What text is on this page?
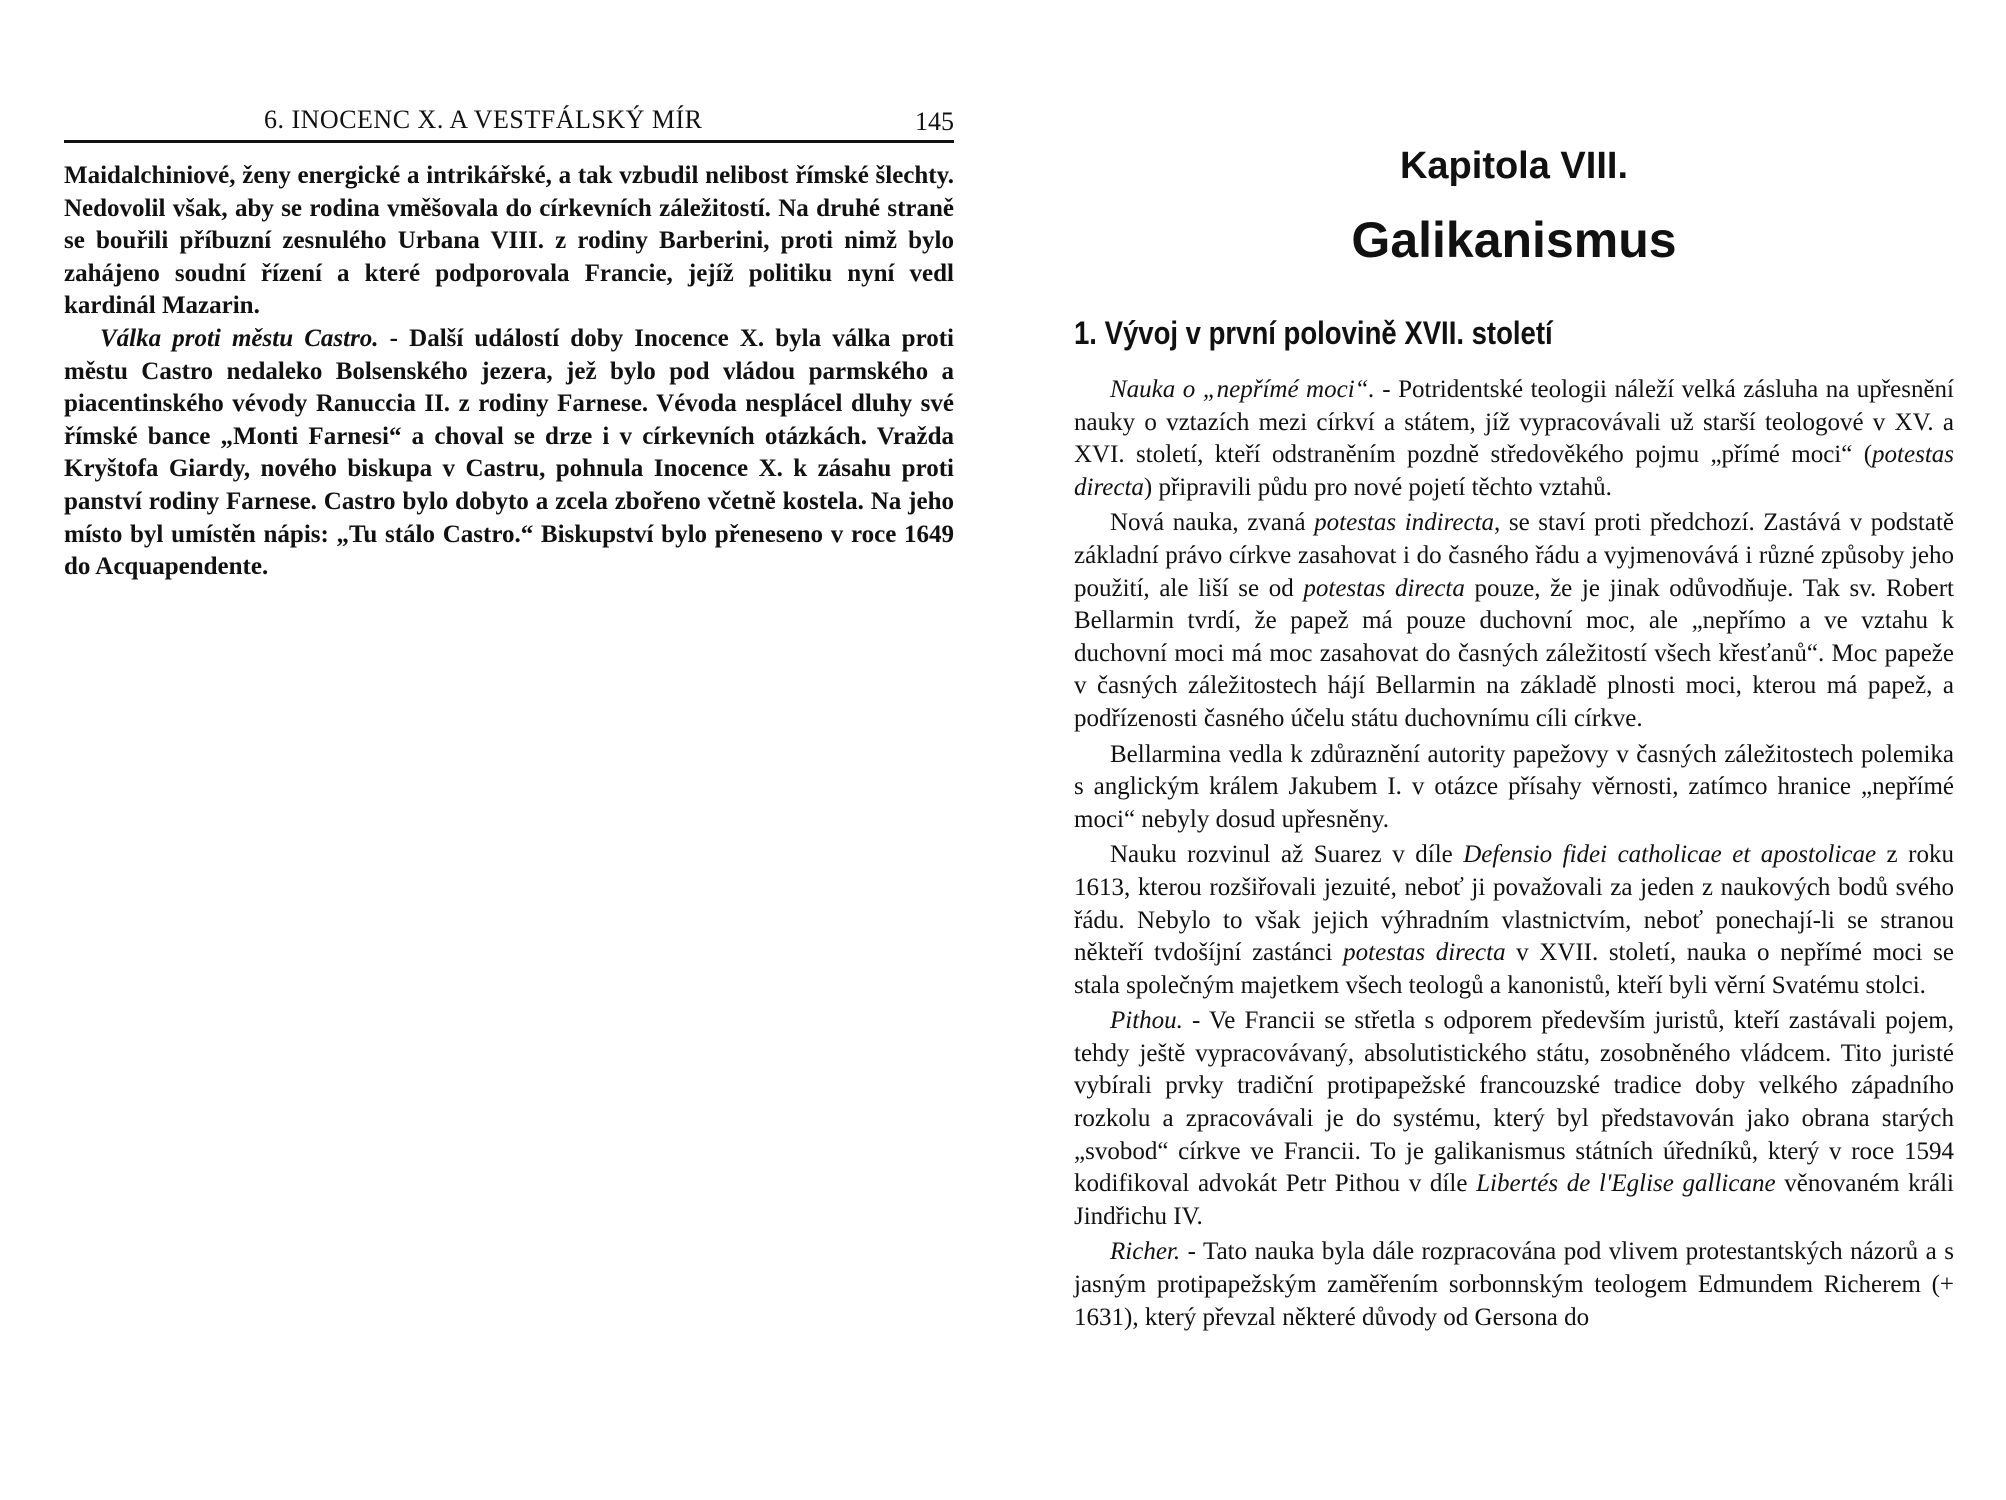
6. INOCENC X. A VESTFÁLSKÝ MÍR	145

Maidalchiniové, ženy energické a intrikářské, a tak vzbudil nelibost římské šlechty. Nedovolil však, aby se rodina vměšovala do církevních záležitostí. Na druhé straně se bouřili příbuzní zesnulého Urbana VIII. z rodiny Barberini, proti nimž bylo zahájeno soudní řízení a které podporovala Francie, jejíž politiku nyní vedl kardinál Mazarin.

Válka proti městu Castro. - Další událostí doby Inocence X. byla válka proti městu Castro nedaleko Bolsenského jezera, jež bylo pod vládou parmského a piacentinského vévody Ranuccia II. z rodiny Farnese. Vévoda nesplácel dluhy své římské bance „Monti Farnesi“ a choval se drze i v církevních otázkách. Vražda Kryštofa Giardy, nového biskupa v Castru, pohnula Inocence X. k zásahu proti panství rodiny Farnese. Castro bylo dobyto a zcela zbořeno včetně kostela. Na jeho místo byl umístěn nápis: „Tu stálo Castro.“ Biskupství bylo přeneseno v roce 1649 do Acquapendente.

Kapitola VIII.
Galikanismus
1. Vývoj v první polovině XVII. století

Nauka o „nepřímé moci“. - Potridentské teologii náleží velká zásluha na upřesnění nauky o vztazích mezi církví a státem, jíž vypracovávali už starší teologové v XV. a XVI. století, kteří odstraněním pozdně středověkého pojmu „přímé moci“ (potestas directa) připravili půdu pro nové pojetí těchto vztahů.

Nová nauka, zvaná potestas indirecta, se staví proti předchozí. Zastává v podstatě základní právo církve zasahovat i do časného řádu a vyjmenovává i různé způsoby jeho použití, ale liší se od potestas directa pouze, že je jinak odůvodňuje. Tak sv. Robert Bellarmin tvrdí, že papež má pouze duchovní moc, ale „nepřímo a ve vztahu k duchovní moci má moc zasahovat do časných záležitostí všech křesťanů“. Moc papeže v časných záležitostech hájí Bellarmin na základě plnosti moci, kterou má papež, a podřízenosti časného účelu státu duchovnímu cíli církve.

Bellarmina vedla k zdůraznění autority papežovy v časných záležitostech polemika s anglickým králem Jakubem I. v otázce přísahy věrnosti, zatímco hranice „nepřímé moci“ nebyly dosud upřesněny.

Nauku rozvinul až Suarez v díle Defensio fidei catholicae et apostolicae z roku 1613, kterou rozšiřovali jezuité, neboť ji považovali za jeden z naukových bodů svého řádu. Nebylo to však jejich výhradním vlastnictvím, neboť ponechají-li se stranou někteří tvdošíjní zastánci potestas directa v XVII. století, nauka o nepřímé moci se stala společným majetkem všech teologů a kanonistů, kteří byli věrní Svatému stolci.

Pithou. - Ve Francii se střetla s odporem především juristů, kteří zastávali pojem, tehdy ještě vypracovávaný, absolutistického státu, zosobněného vládcem. Tito juristé vybírali prvky tradiční protipapežské francouzské tradice doby velkého západního rozkolu a zpracovávali je do systému, který byl představován jako obrana starých „svobod“ církve ve Francii. To je galikanismus státních úředníků, který v roce 1594 kodifikoval advokát Petr Pithou v díle Libertés de l'Eglise gallicane věnovaném králi Jindřichu IV.

Richer. - Tato nauka byla dále rozpracována pod vlivem protestantských názorů a s jasným protipapežským zaměřením sorbonnským teologem Edmundem Richerem (+ 1631), který převzal některé důvody od Gersona do
